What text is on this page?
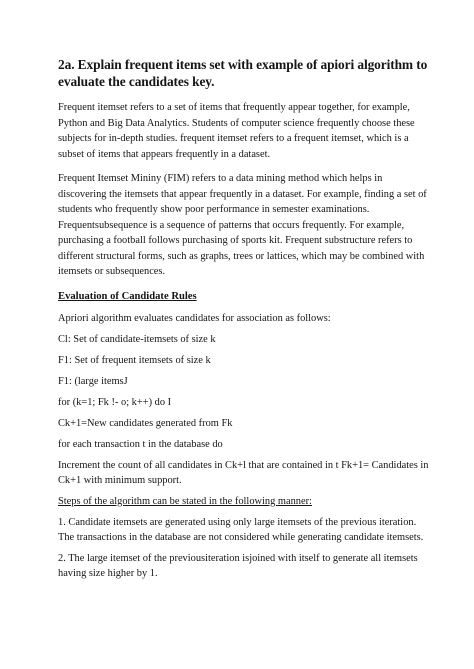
2a. Explain frequent items set with example of apiori algorithm to evaluate the candidates key.

Frequent itemset refers to a set of items that frequently appear together, for example, Python and Big Data Analytics. Students of computer science frequently choose these subjects for in-depth studies. frequent itemset refers to a frequent itemset, which is a subset of items that appears frequently in a dataset.

Frequent Itemset Mininy (FIM) refers to a data mining method which helps in discovering the itemsets that appear frequently in a dataset. For example, finding a set of students who frequently show poor performance in semester examinations. Frequentsubsequence is a sequence of patterns that occurs frequently. For example, purchasing a football follows purchasing of sports kit. Frequent substructure refers to different structural forms, such as graphs, trees or lattices, which may be combined with itemsets or subsequences.

Evaluation of Candidate Rules

Apriori algorithm evaluates candidates for association as follows:

Cl: Set of candidate-itemsets of size k

F1: Set of frequent itemsets of size k

F1: (large itemsJ

for (k=1; Fk !- o; k++) do I

Ck+1=New candidates generated from Fk

for each transaction t in the database do

Increment the count of all candidates in Ck+l that are contained in t Fk+1= Candidates in Ck+1 with minimum support.

Steps of the algorithm can be stated in the following manner:

1. Candidate itemsets are generated using only large itemsets of the previous iteration. The transactions in the database are not considered while generating candidate itemsets.

2. The large itemset of the previousiteration isjoined with itself to generate all itemsets having size higher by 1.
